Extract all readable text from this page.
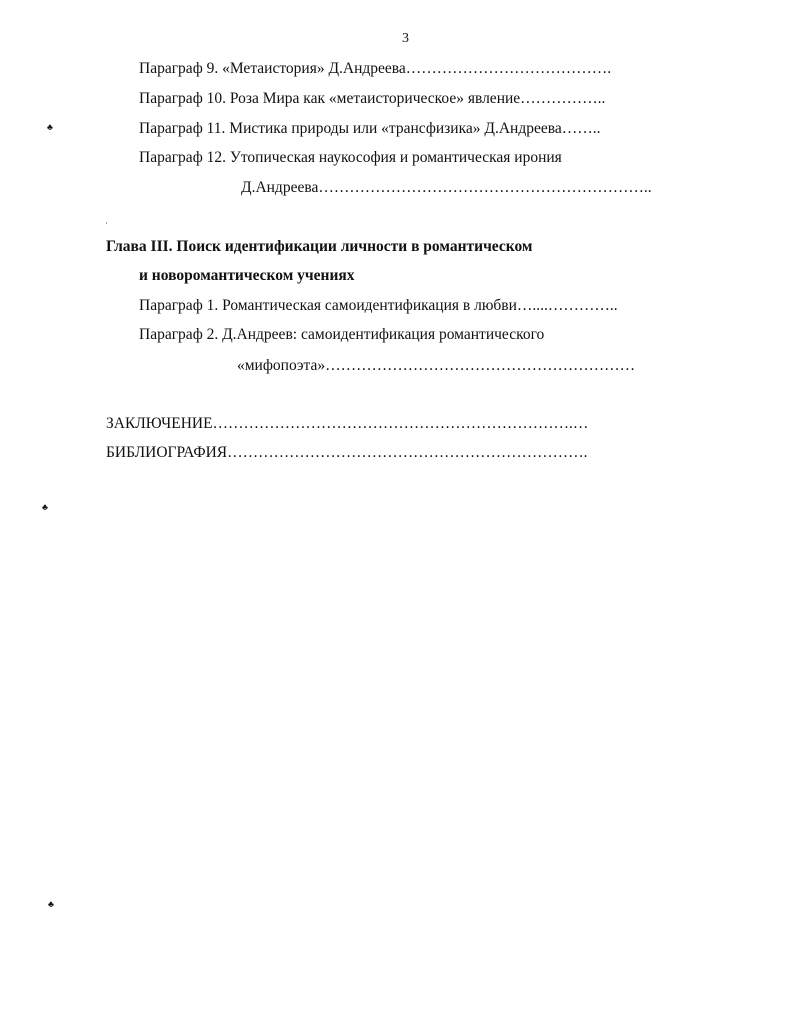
3
Параграф 9. «Метаистория» Д.Андреева………………………………….
Параграф 10. Роза Мира как «метаисторическое» явление……………..
Параграф 11. Мистика природы или «трансфизика» Д.Андреева……..
Параграф 12. Утопическая наукософия и романтическая ирония
Д.Андреева………………………………………………………..
Глава III. Поиск идентификации личности в романтическом
и новоромантическом учениях
Параграф 1. Романтическая самоидентификация в любви…....…………..
Параграф 2. Д.Андреев: самоидентификация романтического
«мифопоэта»……………………………………………………
ЗАКЛЮЧЕНИЕ…………………………………………………………….…
БИБЛИОГРАФИЯ…………………………………………………………….
♣
♣
♣
